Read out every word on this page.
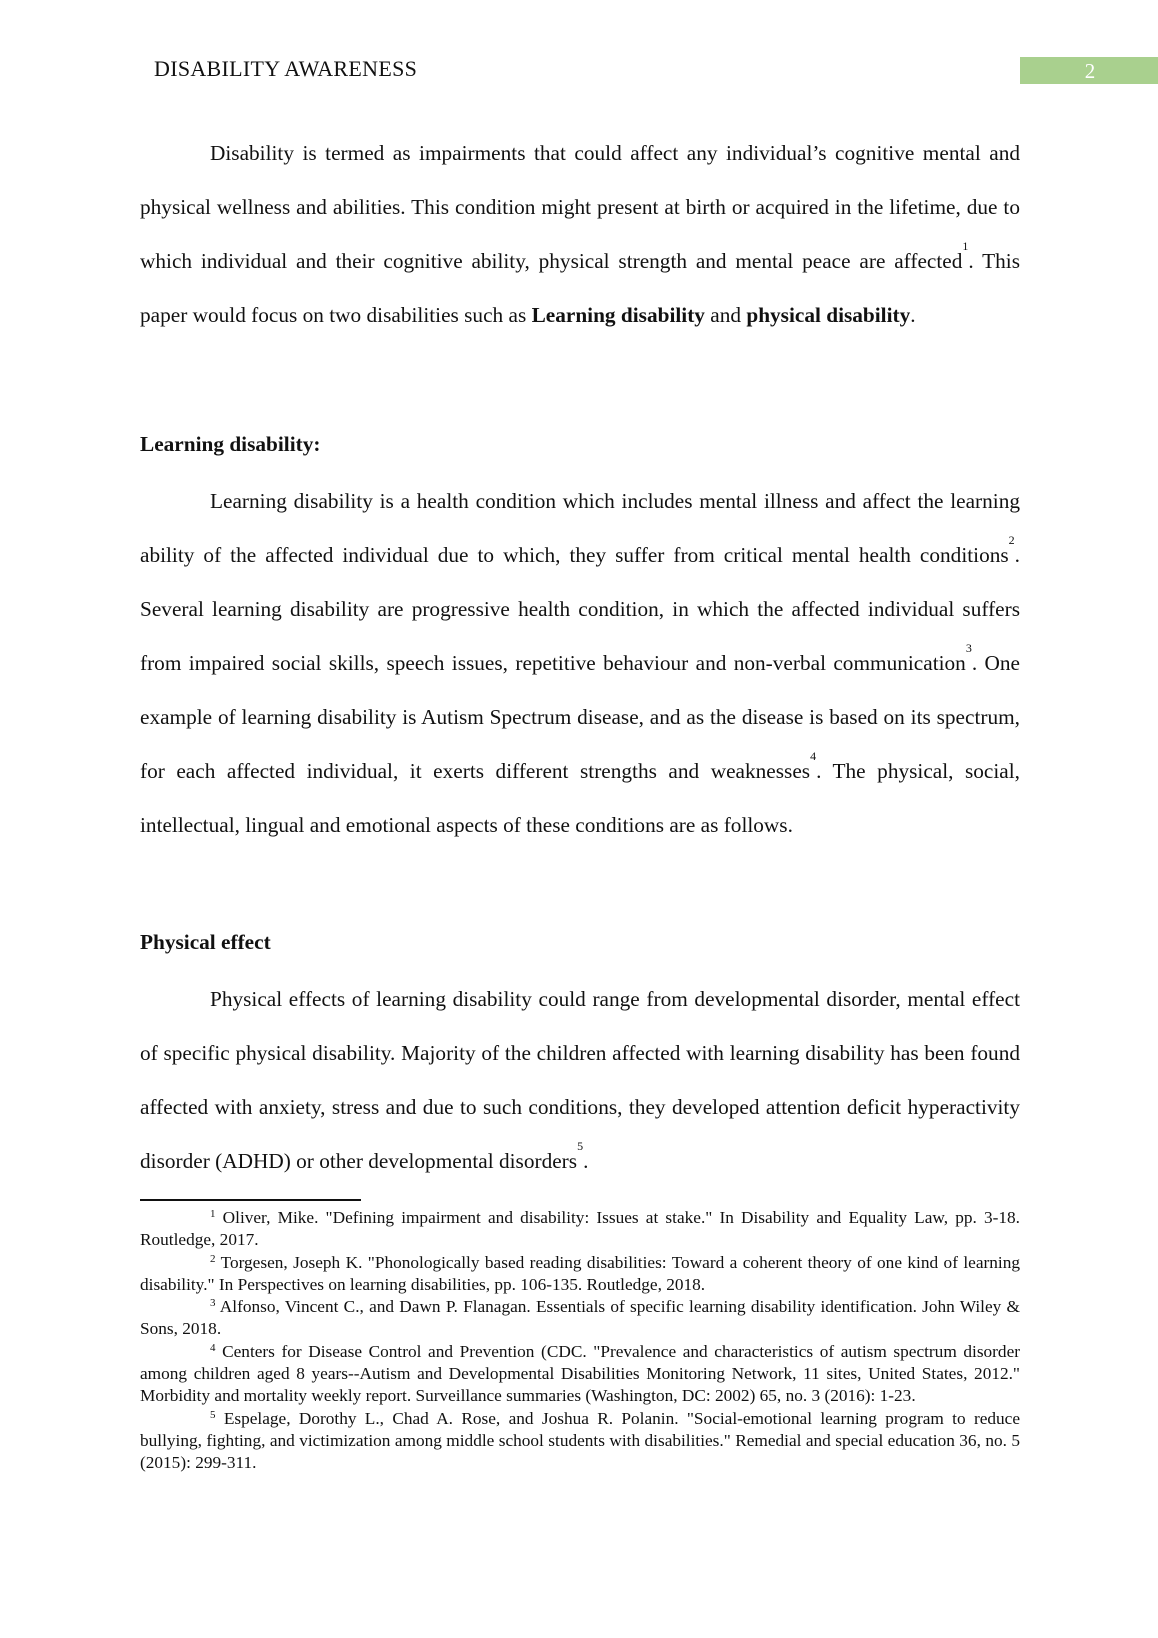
DISABILITY AWARENESS	2

Disability is termed as impairments that could affect any individual’s cognitive mental and physical wellness and abilities. This condition might present at birth or acquired in the lifetime, due to which individual and their cognitive ability, physical strength and mental peace are affected$^1$. This paper would focus on two disabilities such as Learning disability and physical disability.

Learning disability:

Learning disability is a health condition which includes mental illness and affect the learning ability of the affected individual due to which, they suffer from critical mental health conditions$^2$. Several learning disability are progressive health condition, in which the affected individual suffers from impaired social skills, speech issues, repetitive behaviour and non-verbal communication$^3$. One example of learning disability is Autism Spectrum disease, and as the disease is based on its spectrum, for each affected individual, it exerts different strengths and weaknesses$^4$. The physical, social, intellectual, lingual and emotional aspects of these conditions are as follows.

Physical effect

Physical effects of learning disability could range from developmental disorder, mental effect of specific physical disability. Majority of the children affected with learning disability has been found affected with anxiety, stress and due to such conditions, they developed attention deficit hyperactivity disorder (ADHD) or other developmental disorders$^5$.

$^1$ Oliver, Mike. "Defining impairment and disability: Issues at stake." In Disability and Equality Law, pp. 3-18. Routledge, 2017.

$^2$ Torgesen, Joseph K. "Phonologically based reading disabilities: Toward a coherent theory of one kind of learning disability." In Perspectives on learning disabilities, pp. 106-135. Routledge, 2018.

$^3$ Alfonso, Vincent C., and Dawn P. Flanagan. Essentials of specific learning disability identification. John Wiley & Sons, 2018.

$^4$ Centers for Disease Control and Prevention (CDC. "Prevalence and characteristics of autism spectrum disorder among children aged 8 years--Autism and Developmental Disabilities Monitoring Network, 11 sites, United States, 2012." Morbidity and mortality weekly report. Surveillance summaries (Washington, DC: 2002) 65, no. 3 (2016): 1-23.

$^5$ Espelage, Dorothy L., Chad A. Rose, and Joshua R. Polanin. "Social-emotional learning program to reduce bullying, fighting, and victimization among middle school students with disabilities." Remedial and special education 36, no. 5 (2015): 299-311.
